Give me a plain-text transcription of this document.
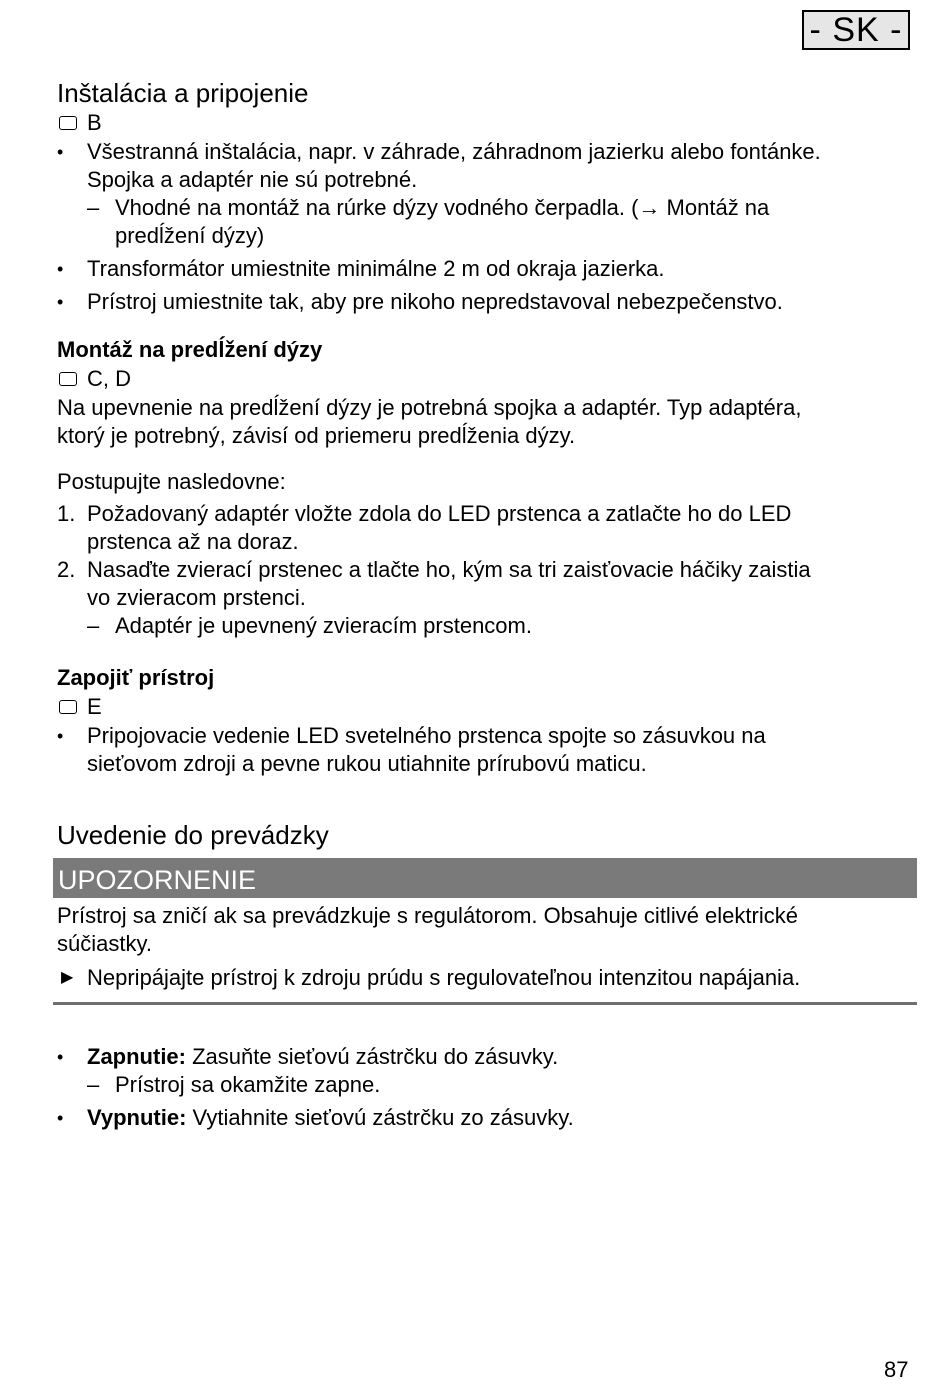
- SK -
Inštalácia a pripojenie
B
• Všestranná inštalácia, napr. v záhrade, záhradnom jazierku alebo fontánke.
Spojka a adaptér nie sú potrebné.
– Vhodné na montáž na rúrke dýzy vodného čerpadla. (→ Montáž na
predĺžení dýzy)
• Transformátor umiestnite minimálne 2 m od okraja jazierka.
• Prístroj umiestnite tak, aby pre nikoho nepredstavoval nebezpečenstvo.
Montáž na predĺžení dýzy
C, D

Na upevnenie na predĺžení dýzy je potrebná spojka a adaptér. Typ adaptéra,
ktorý je potrebný, závisí od priemeru predĺženia dýzy.

Postupujte nasledovne:

1. Požadovaný adaptér vložte zdola do LED prstenca a zatlačte ho do LED
prstenca až na doraz.
2. Nasaďte zvierací prstenec a tlačte ho, kým sa tri zaisťovacie háčiky zaistia
vo zvieracom prstenci.
– Adaptér je upevnený zvieracím prstencom.
Zapojiť prístroj
E
• Pripojovacie vedenie LED svetelného prstenca spojte so zásuvkou na
sieťovom zdroji a pevne rukou utiahnite prírubovú maticu.
Uvedenie do prevádzky
UPOZORNENIE

Prístroj sa zničí ak sa prevádzkuje s regulátorom. Obsahuje citlivé elektrické
súčiastky.

▶ Nepripájajte prístroj k zdroju prúdu s regulovateľnou intenzitou napájania.
• Zapnutie: Zasuňte sieťovú zástrčku do zásuvky.
– Prístroj sa okamžite zapne.
• Vypnutie: Vytiahnite sieťovú zástrčku zo zásuvky.
87
